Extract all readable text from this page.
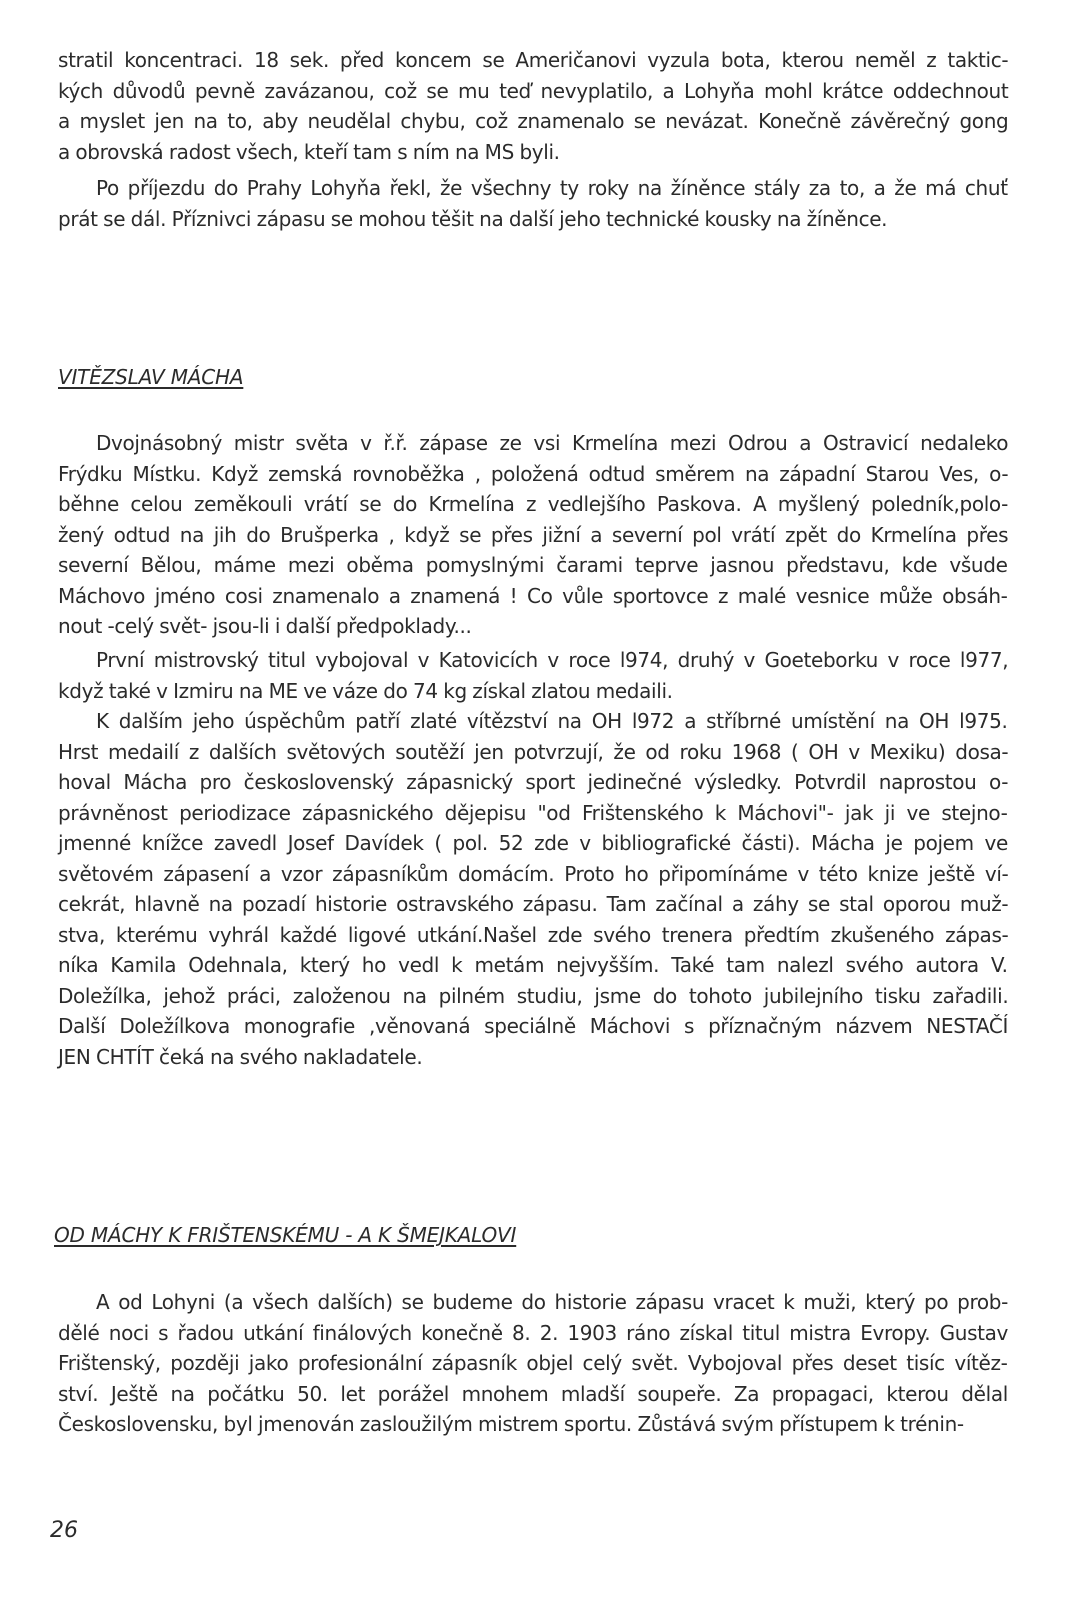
stratil koncentraci. 18 sek. před koncem se Američanovi vyzula bota, kterou neměl z taktic-
kých důvodů pevně zavázanou, což se mu teď nevyplatilo, a Lohyňa mohl krátce oddechnout
a myslet jen na to, aby neudělal chybu, což znamenalo se nevázat. Konečně závěrečný gong
a obrovská radost všech, kteří tam s ním na MS byli.

Po příjezdu do Prahy Lohyňa řekl, že všechny ty roky na žíněnce stály za to, a že má chuť
prát se dál. Příznivci zápasu se mohou těšit na další jeho technické kousky na žíněnce.

VITĚZSLAV MÁCHA

Dvojnásobný mistr světa v ř.ř. zápase ze vsi Krmelína mezi Odrou a Ostravicí nedaleko
Frýdku Místku. Když zemská rovnoběžka , položená odtud směrem na západní Starou Ves, o-
běhne celou zeměkouli vrátí se do Krmelína z vedlejšího Paskova. A myšlený poledník,polo-
žený odtud na jih do Brušperka , když se přes jižní a severní pol vrátí zpět do Krmelína přes
severní Bělou, máme mezi oběma pomyslnými čarami teprve jasnou představu, kde všude
Máchovo jméno cosi znamenalo a znamená ! Co vůle sportovce z malé vesnice může obsáh-
nout -celý svět- jsou-li i další předpoklady...

První mistrovský titul vybojoval v Katovicích v roce l974, druhý v Goeteborku v roce l977,
když také v Izmiru na ME ve váze do 74 kg získal zlatou medaili.

K dalším jeho úspěchům patří zlaté vítězství na OH l972 a stříbrné umístění na OH l975.
Hrst medailí z dalších světových soutěží jen potvrzují, že od roku 1968 ( OH v Mexiku) dosa-
hoval Mácha pro československý zápasnický sport jedinečné výsledky. Potvrdil naprostou o-
právněnost periodizace zápasnického dějepisu "od Frištenského k Máchovi"- jak ji ve stejno-
jmenné knížce zavedl Josef Davídek ( pol. 52 zde v bibliografické části). Mácha je pojem ve
světovém zápasení a vzor zápasníkům domácím. Proto ho připomínáme v této knize ještě ví-
cekrát, hlavně na pozadí historie ostravského zápasu. Tam začínal a záhy se stal oporou muž-
stva, kterému vyhrál každé ligové utkání.Našel zde svého trenera předtím zkušeného zápas-
níka Kamila Odehnala, který ho vedl k metám nejvyšším. Také tam nalezl svého autora V.
Doležílka, jehož práci, založenou na pilném studiu, jsme do tohoto jubilejního tisku zařadili.
Další Doležílkova monografie ,věnovaná speciálně Máchovi s příznačným názvem NESTAČÍ
JEN CHTÍT čeká na svého nakladatele.

OD MÁCHY K FRIŠTENSKÉMU - A K ŠMEJKALOVI

A od Lohyni (a všech dalších) se budeme do historie zápasu vracet k muži, který po prob-
dělé noci s řadou utkání finálových konečně 8. 2. 1903 ráno získal titul mistra Evropy. Gustav
Frištenský, později jako profesionální zápasník objel celý svět. Vybojoval přes deset tisíc vítěz-
ství. Ještě na počátku 50. let porážel mnohem mladší soupeře. Za propagaci, kterou dělal
Československu, byl jmenován zasloužilým mistrem sportu. Zůstává svým přístupem k trénin-

26
